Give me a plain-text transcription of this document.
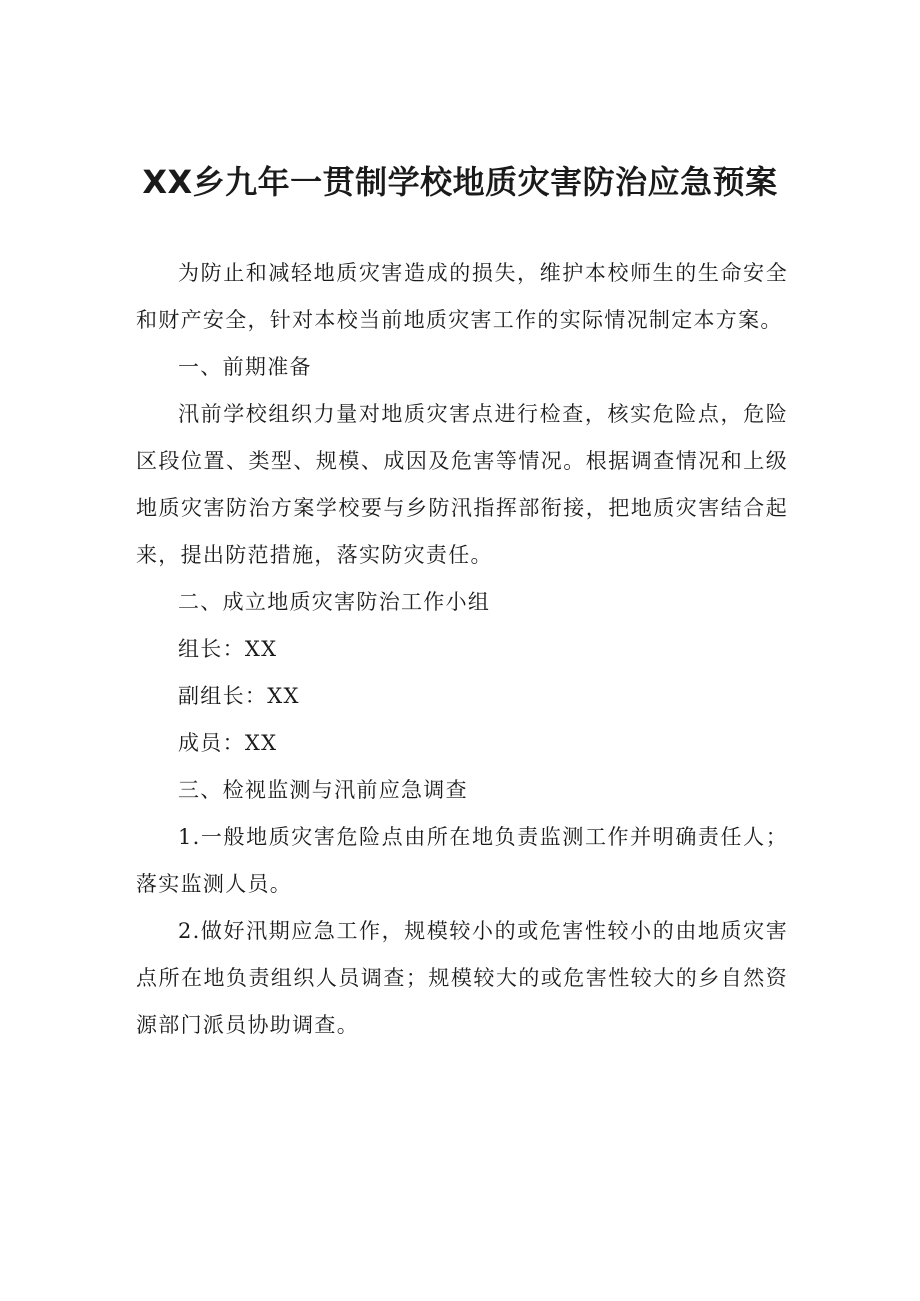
XX乡九年一贯制学校地质灾害防治应急预案

为防止和减轻地质灾害造成的损失，维护本校师生的生命安全和财产安全，针对本校当前地质灾害工作的实际情况制定本方案。

一、前期准备

汛前学校组织力量对地质灾害点进行检查，核实危险点，危险区段位置、类型、规模、成因及危害等情况。根据调查情况和上级地质灾害防治方案学校要与乡防汛指挥部衔接，把地质灾害结合起来，提出防范措施，落实防灾责任。

二、成立地质灾害防治工作小组

组长：XX

副组长：XX

成员：XX

三、检视监测与汛前应急调查

1.一般地质灾害危险点由所在地负责监测工作并明确责任人；落实监测人员。

2.做好汛期应急工作，规模较小的或危害性较小的由地质灾害点所在地负责组织人员调查；规模较大的或危害性较大的乡自然资源部门派员协助调查。
